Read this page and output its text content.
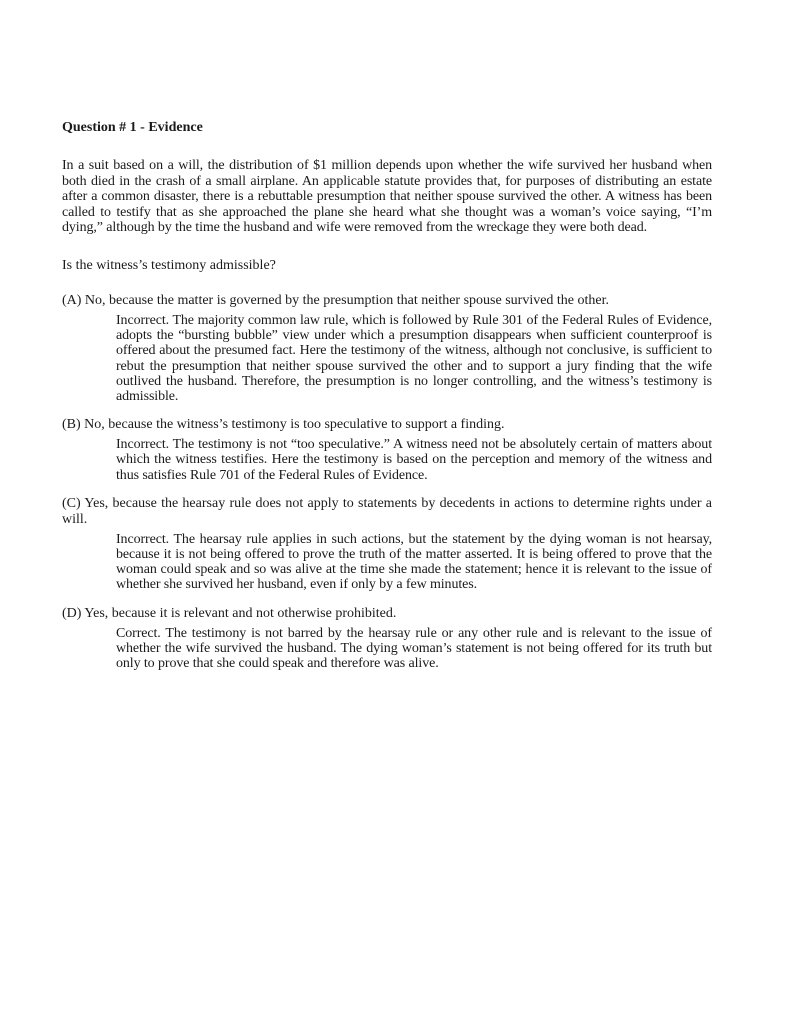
Question # 1 - Evidence
In a suit based on a will, the distribution of $1 million depends upon whether the wife survived her husband when both died in the crash of a small airplane. An applicable statute provides that, for purposes of distributing an estate after a common disaster, there is a rebuttable presumption that neither spouse survived the other. A witness has been called to testify that as she approached the plane she heard what she thought was a woman’s voice saying, “I’m dying,” although by the time the husband and wife were removed from the wreckage they were both dead.
Is the witness’s testimony admissible?
(A) No, because the matter is governed by the presumption that neither spouse survived the other.
Incorrect. The majority common law rule, which is followed by Rule 301 of the Federal Rules of Evidence, adopts the “bursting bubble” view under which a presumption disappears when sufficient counterproof is offered about the presumed fact. Here the testimony of the witness, although not conclusive, is sufficient to rebut the presumption that neither spouse survived the other and to support a jury finding that the wife outlived the husband. Therefore, the presumption is no longer controlling, and the witness’s testimony is admissible.
(B) No, because the witness’s testimony is too speculative to support a finding.
Incorrect. The testimony is not “too speculative.” A witness need not be absolutely certain of matters about which the witness testifies. Here the testimony is based on the perception and memory of the witness and thus satisfies Rule 701 of the Federal Rules of Evidence.
(C) Yes, because the hearsay rule does not apply to statements by decedents in actions to determine rights under a will.
Incorrect. The hearsay rule applies in such actions, but the statement by the dying woman is not hearsay, because it is not being offered to prove the truth of the matter asserted. It is being offered to prove that the woman could speak and so was alive at the time she made the statement; hence it is relevant to the issue of whether she survived her husband, even if only by a few minutes.
(D) Yes, because it is relevant and not otherwise prohibited.
Correct. The testimony is not barred by the hearsay rule or any other rule and is relevant to the issue of whether the wife survived the husband. The dying woman’s statement is not being offered for its truth but only to prove that she could speak and therefore was alive.
